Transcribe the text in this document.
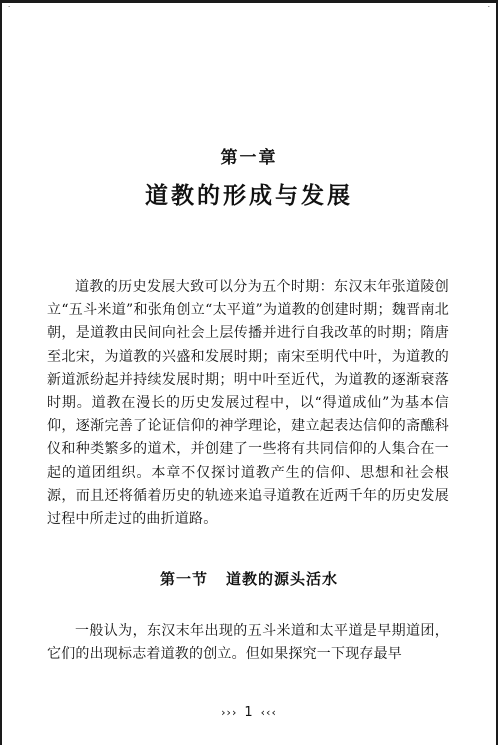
·	·
第一章
道教的形成与发展

道教的历史发展大致可以分为五个时期：东汉末年张道陵创立“五斗米道”和张角创立“太平道”为道教的创建时期；魏晋南北朝，是道教由民间向社会上层传播并进行自我改革的时期；隋唐至北宋，为道教的兴盛和发展时期；南宋至明代中叶，为道教的新道派纷起并持续发展时期；明中叶至近代，为道教的逐渐衰落时期。道教在漫长的历史发展过程中，以“得道成仙”为基本信仰，逐渐完善了论证信仰的神学理论，建立起表达信仰的斋醮科仪和种类繁多的道术，并创建了一些将有共同信仰的人集合在一起的道团组织。本章不仅探讨道教产生的信仰、思想和社会根源，而且还将循着历史的轨迹来追寻道教在近两千年的历史发展过程中所走过的曲折道路。

第一节 道教的源头活水

一般认为，东汉末年出现的五斗米道和太平道是早期道团，它们的出现标志着道教的创立。但如果探究一下现存最早

››› 1 ‹‹‹
